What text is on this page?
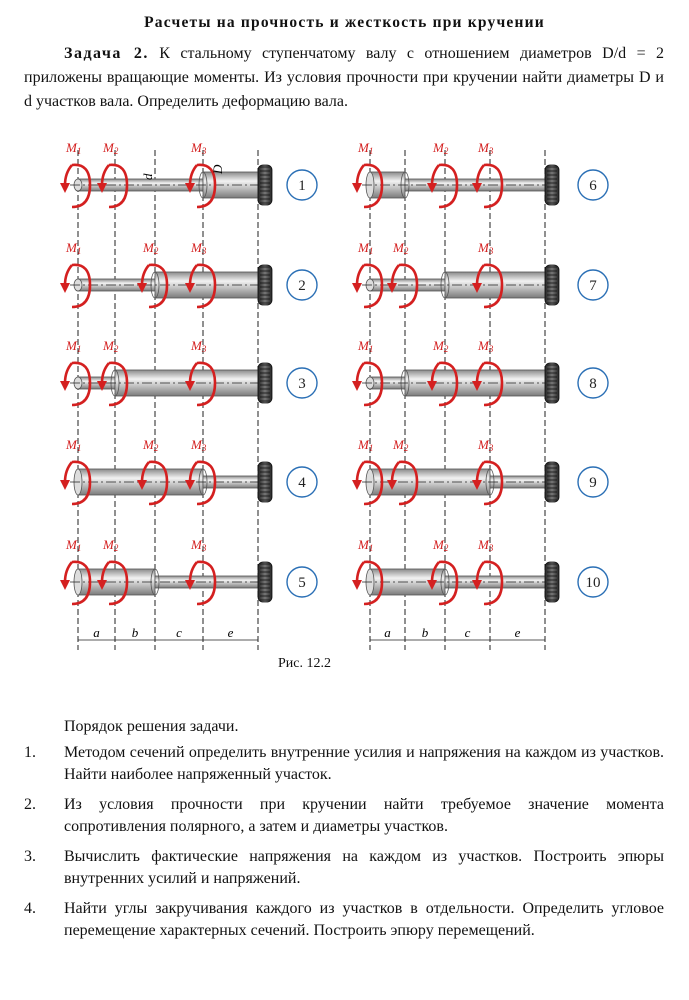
Расчеты на прочность и жесткость при кручении
Задача 2. К стальному ступенчатому валу с отношением диаметров D/d = 2 приложены вращающие моменты. Из условия прочности при кручении найти диаметры D и d участков вала. Определить деформацию вала.
M1 M2	M3
1
M1	M2	M3
2
M1 M2	M3
3
M1	M2	M3
4
M1 M2	M3
5
M1	M2 M3
6
M1 M2	M3
7
M1	M2 M3
8
M1 M2	M3
9
M1	M2 M3
10
d
D
a b	c	e	a b	c	e
Рис. 12.2
Порядок решения задачи.
1. Методом сечений определить внутренние усилия и напряжения на каждом из участков. Найти наиболее напряженный участок.
2. Из условия прочности при кручении найти требуемое значение момента сопротивления полярного, а затем и диаметры участков.
3. Вычислить фактические напряжения на каждом из участков. Построить эпюры внутренних усилий и напряжений.
4. Найти углы закручивания каждого из участков в отдельности. Определить угловое перемещение характерных сечений. Построить эпюру перемещений.
